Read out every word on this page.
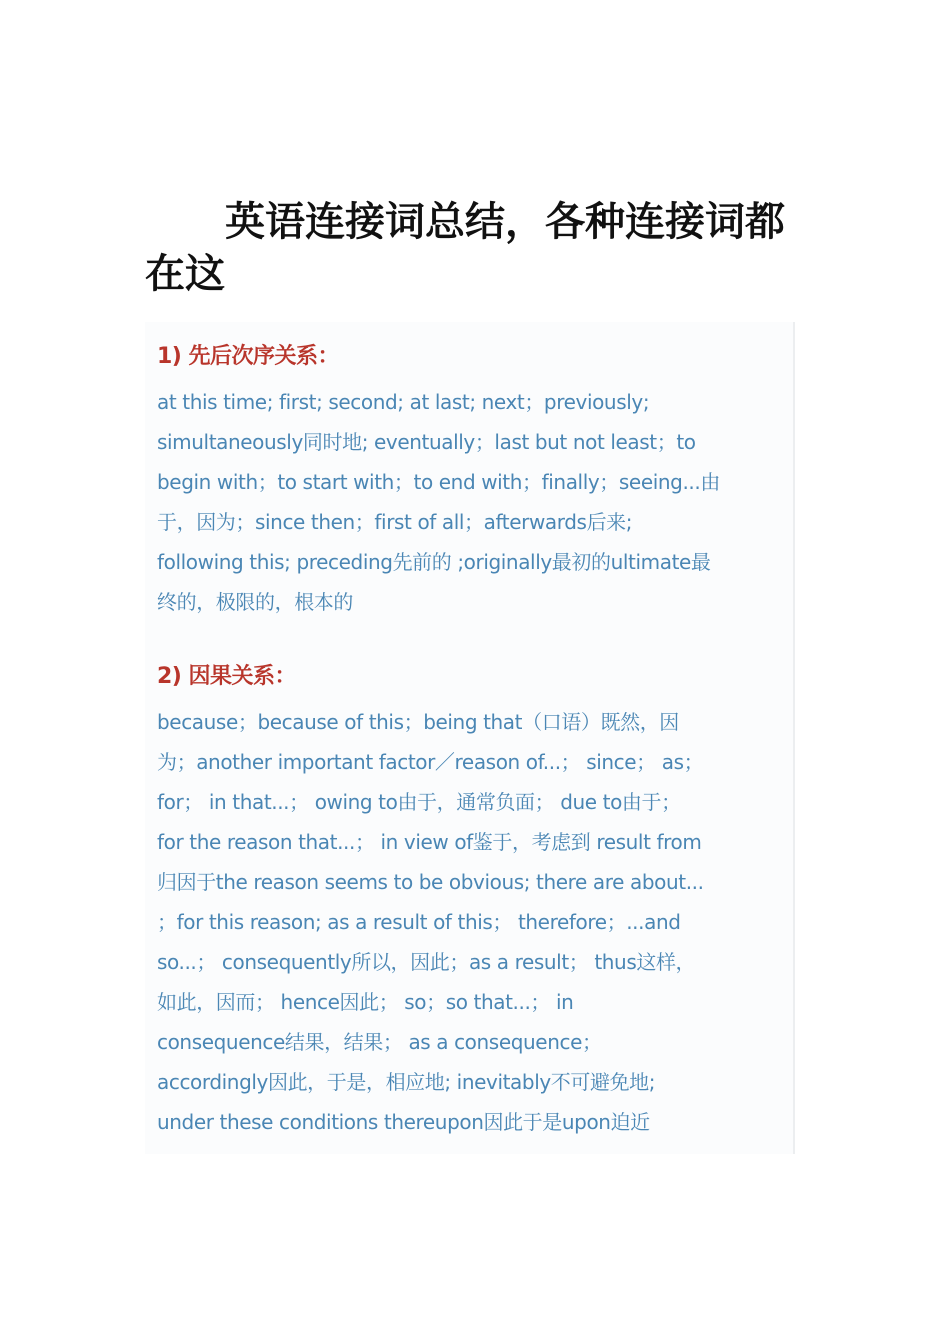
英语连接词总结，各种连接词都在这

1) 先后次序关系：

at this time; first; second; at last; next；previously;
simultaneously同时地; eventually；last but not least；to
begin with；to start with；to end with；finally；seeing...由
于，因为；since then；first of all；afterwards后来;
following this; preceding先前的 ;originally最初的ultimate最
终的，极限的，根本的

2) 因果关系：

because；because of this；being that（口语）既然，因
为；another important factor／reason of...； since； as；
for； in that...； owing to由于，通常负面； due to由于；
for the reason that...； in view of鉴于，考虑到 result from
归因于the reason seems to be obvious; there are about...
；for this reason; as a result of this； therefore；...and
so...； consequently所以，因此；as a result； thus这样，
如此，因而； hence因此； so；so that...； in
consequence结果，结果； as a consequence；
accordingly因此，于是，相应地; inevitably不可避免地;
under these conditions thereupon因此于是upon迫近
